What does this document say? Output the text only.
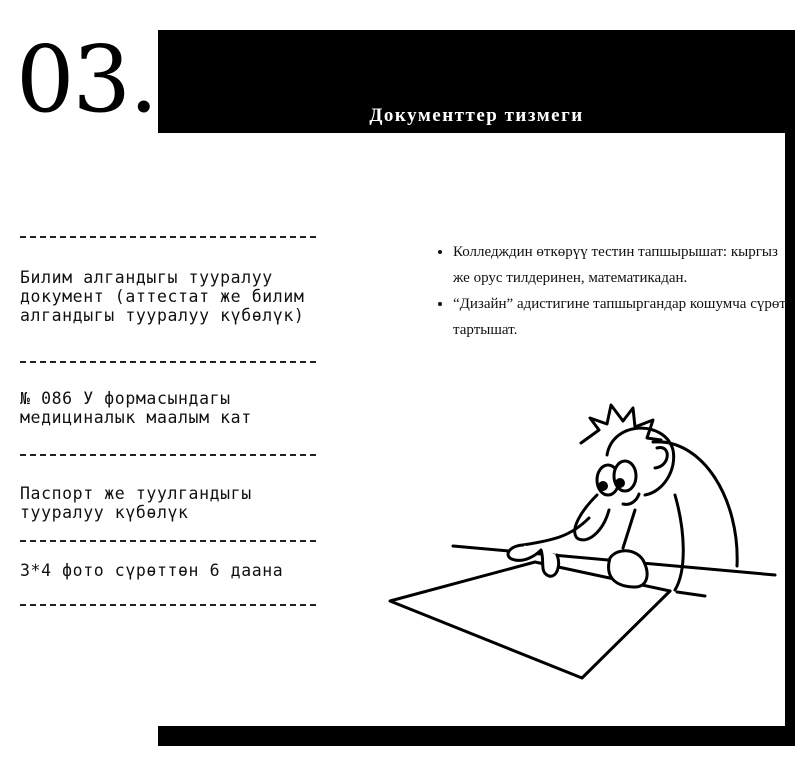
03.	Документтер тизмеги

Билим алгандыгы тууралуу
документ (аттестат же билим
алгандыгы тууралуу күбөлүк)

№ 086 У формасындагы
медициналык маалым кат

Паспорт же туулгандыгы
тууралуу күбөлүк

3*4 фото сүрөттөн 6 даана

• Колледждин өткөрүү тестин тапшырышат: кыргыз же орус тилдеринен, математикадан.
• “Дизайн” адистигине тапшыргандар кошумча сүрөт тартышат.
